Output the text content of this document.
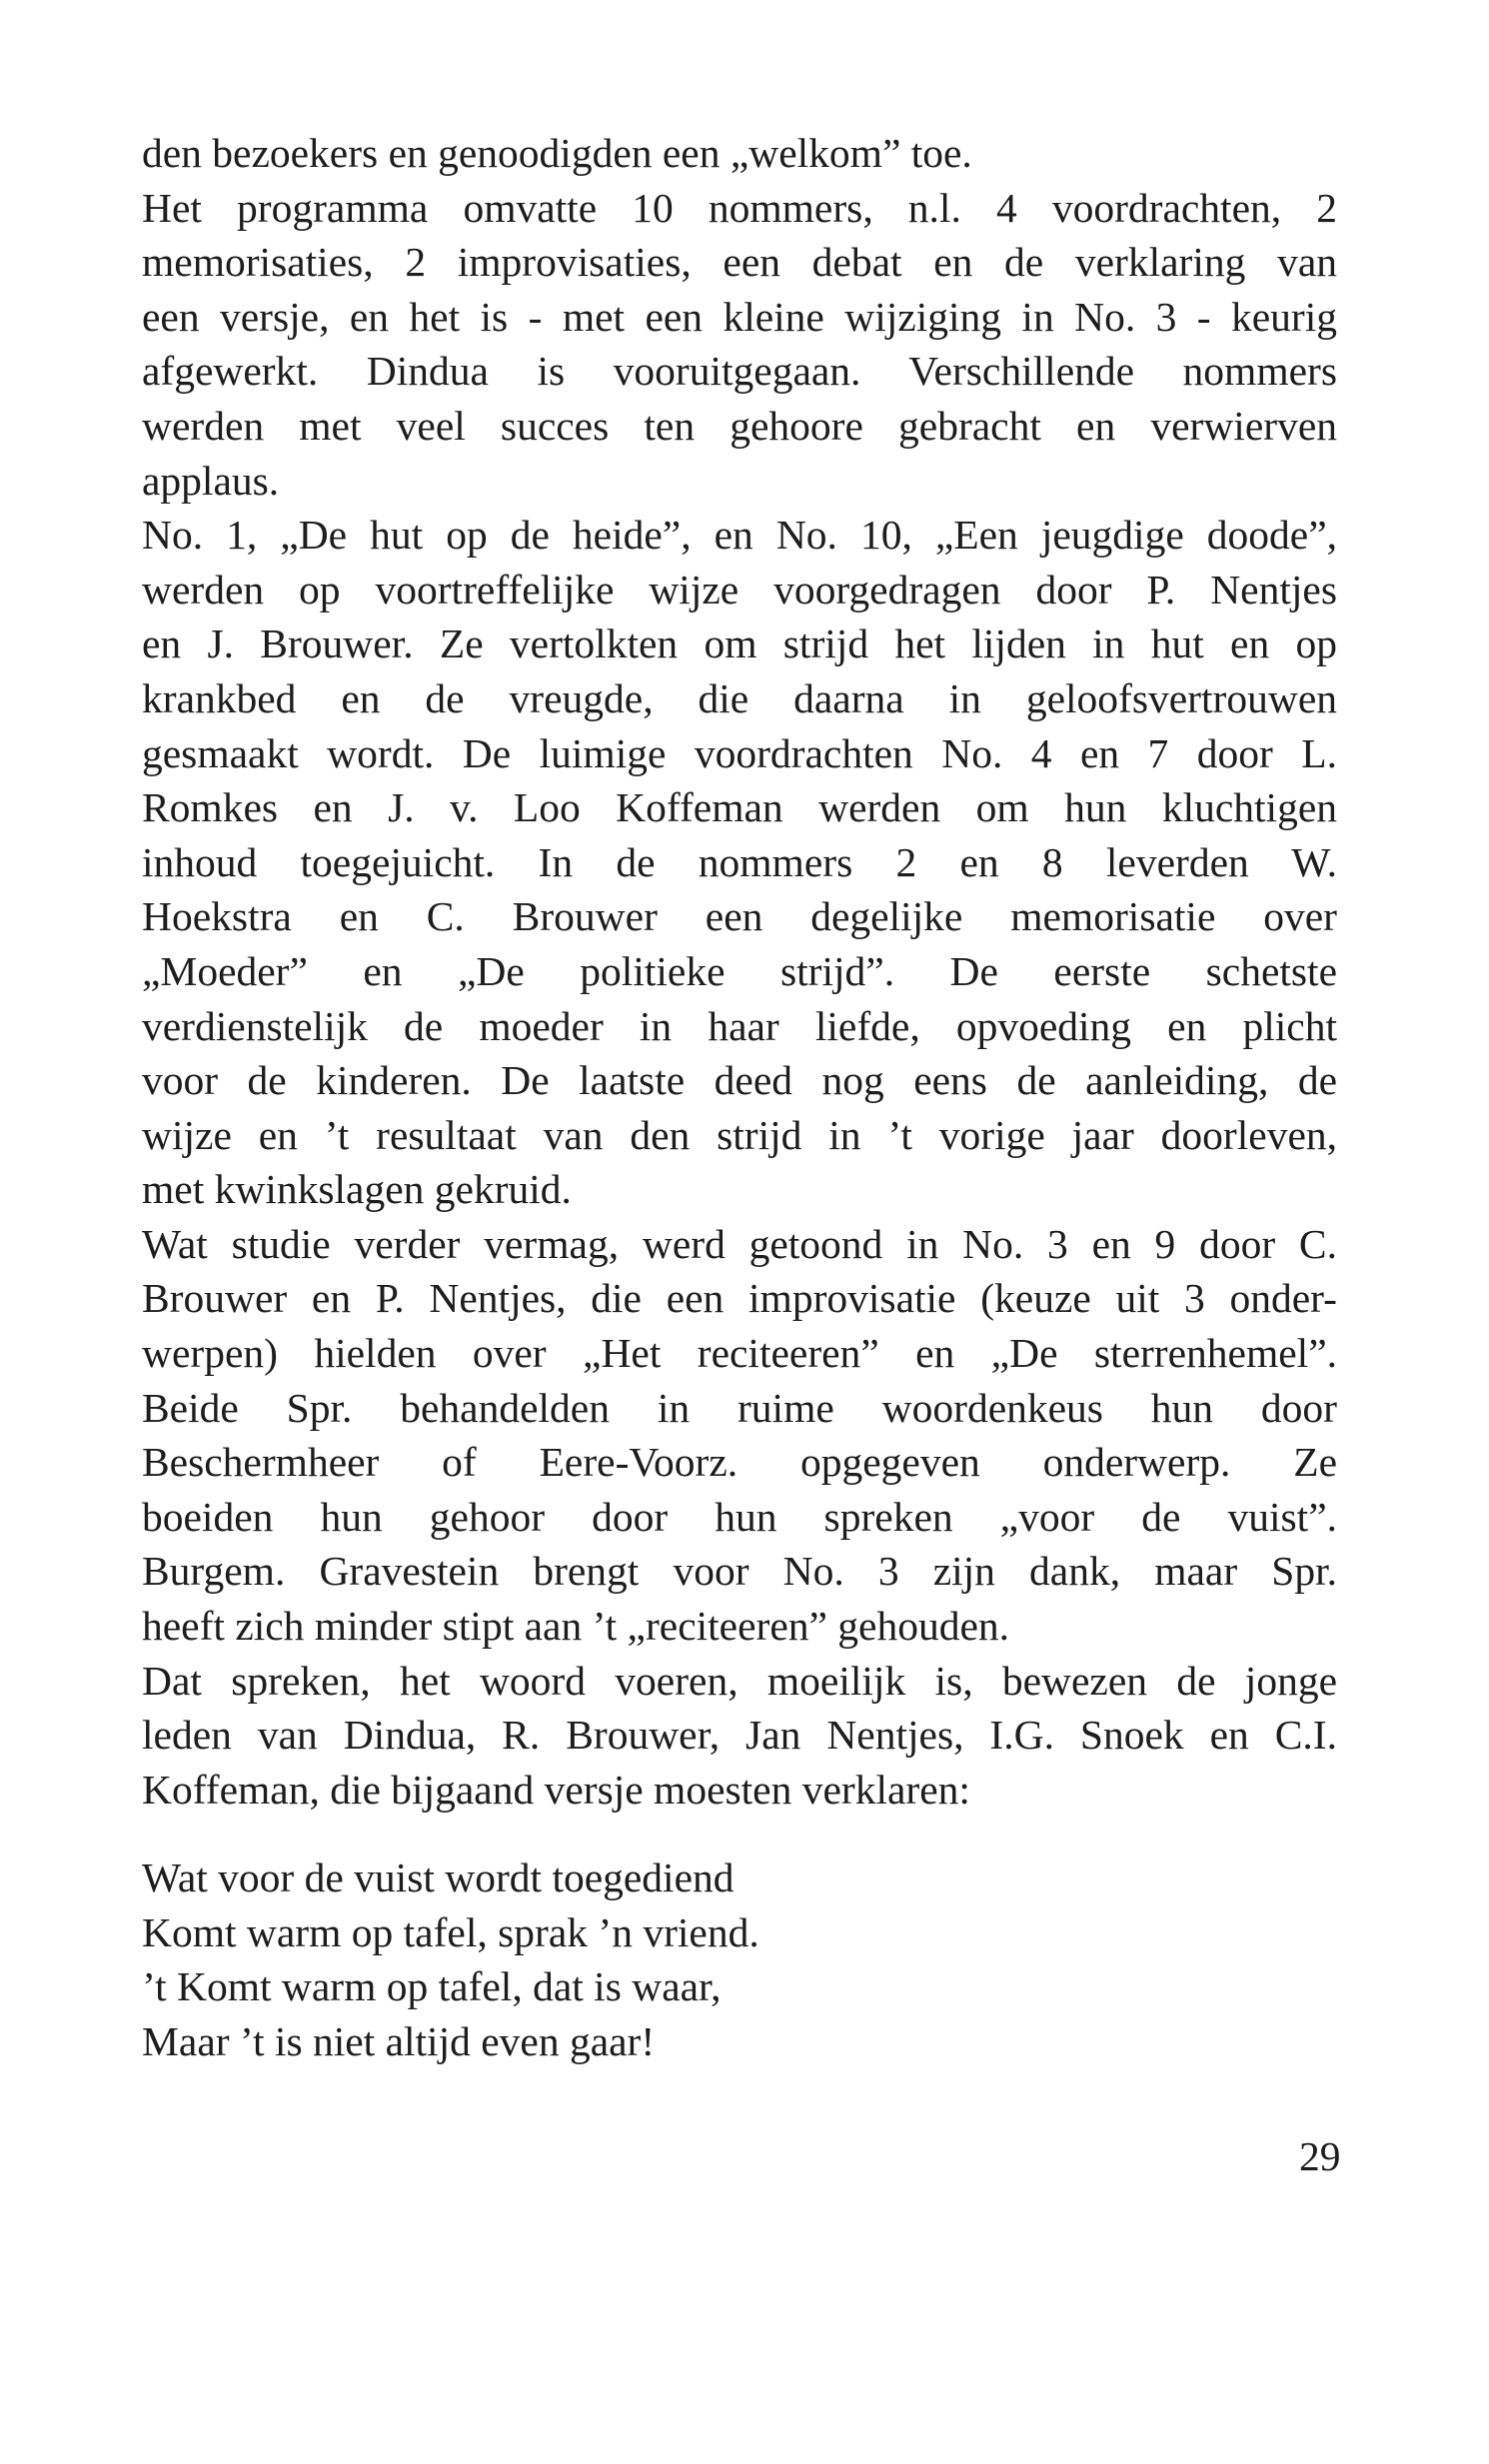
den bezoekers en genoodigden een „welkom” toe.
Het programma omvatte 10 nommers, n.l. 4 voordrachten, 2
memorisaties, 2 improvisaties, een debat en de verklaring van
een versje, en het is - met een kleine wijziging in No. 3 - keurig
afgewerkt. Dindua is vooruitgegaan. Verschillende nommers
werden met veel succes ten gehoore gebracht en verwierven
applaus.
No. 1, „De hut op de heide”, en No. 10, „Een jeugdige doode”,
werden op voortreffelijke wijze voorgedragen door P. Nentjes
en J. Brouwer. Ze vertolkten om strijd het lijden in hut en op
krankbed en de vreugde, die daarna in geloofsvertrouwen
gesmaakt wordt. De luimige voordrachten No. 4 en 7 door L.
Romkes en J. v. Loo Koffeman werden om hun kluchtigen
inhoud toegejuicht. In de nommers 2 en 8 leverden W.
Hoekstra en C. Brouwer een degelijke memorisatie over
„Moeder” en „De politieke strijd”. De eerste schetste
verdienstelijk de moeder in haar liefde, opvoeding en plicht
voor de kinderen. De laatste deed nog eens de aanleiding, de
wijze en ’t resultaat van den strijd in ’t vorige jaar doorleven,
met kwinkslagen gekruid.
Wat studie verder vermag, werd getoond in No. 3 en 9 door C.
Brouwer en P. Nentjes, die een improvisatie (keuze uit 3 onder-
werpen) hielden over „Het reciteeren” en „De sterrenhemel”.
Beide Spr. behandelden in ruime woordenkeus hun door
Beschermheer of Eere-Voorz. opgegeven onderwerp. Ze
boeiden hun gehoor door hun spreken „voor de vuist”.
Burgem. Gravestein brengt voor No. 3 zijn dank, maar Spr.
heeft zich minder stipt aan ’t „reciteeren” gehouden.
Dat spreken, het woord voeren, moeilijk is, bewezen de jonge
leden van Dindua, R. Brouwer, Jan Nentjes, I.G. Snoek en C.I.
Koffeman, die bijgaand versje moesten verklaren:
Wat voor de vuist wordt toegediend
Komt warm op tafel, sprak ’n vriend.
’t Komt warm op tafel, dat is waar,
Maar ’t is niet altijd even gaar!
29
